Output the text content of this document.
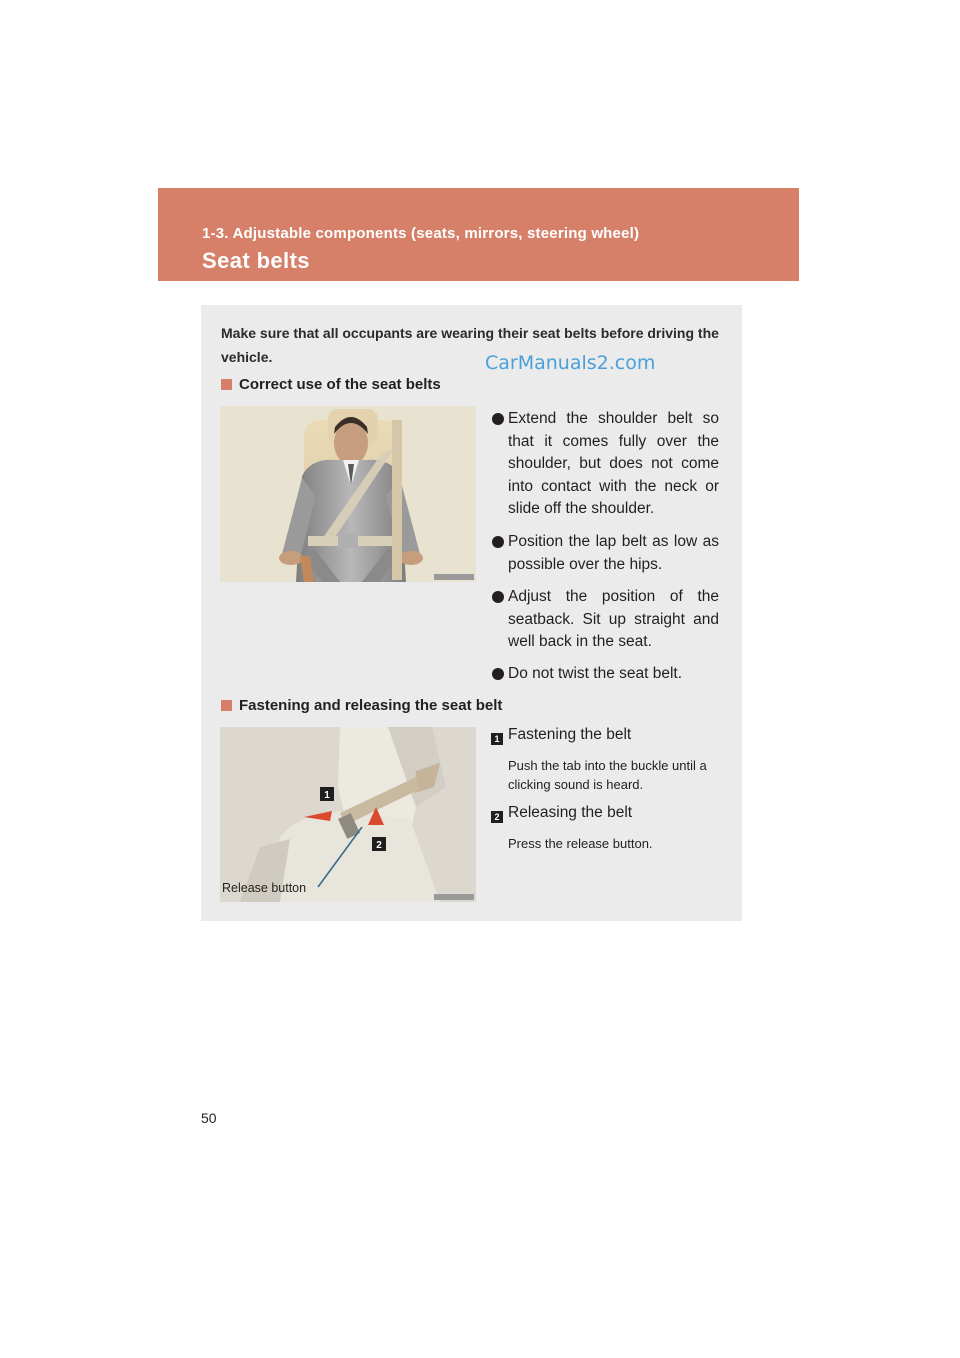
1-3. Adjustable components (seats, mirrors, steering wheel)
Seat belts
Make sure that all occupants are wearing their seat belts before driving the vehicle.	CarManuals2.com
Correct use of the seat belts
Extend the shoulder belt so that it comes fully over the shoulder, but does not come into contact with the neck or slide off the shoulder.
Position the lap belt as low as possible over the hips.
Adjust the position of the seatback. Sit up straight and well back in the seat.
Do not twist the seat belt.
Fastening and releasing the seat belt
1
2
Release button
1 Fastening the belt
Push the tab into the buckle until a clicking sound is heard.
2 Releasing the belt
Press the release button.
50
